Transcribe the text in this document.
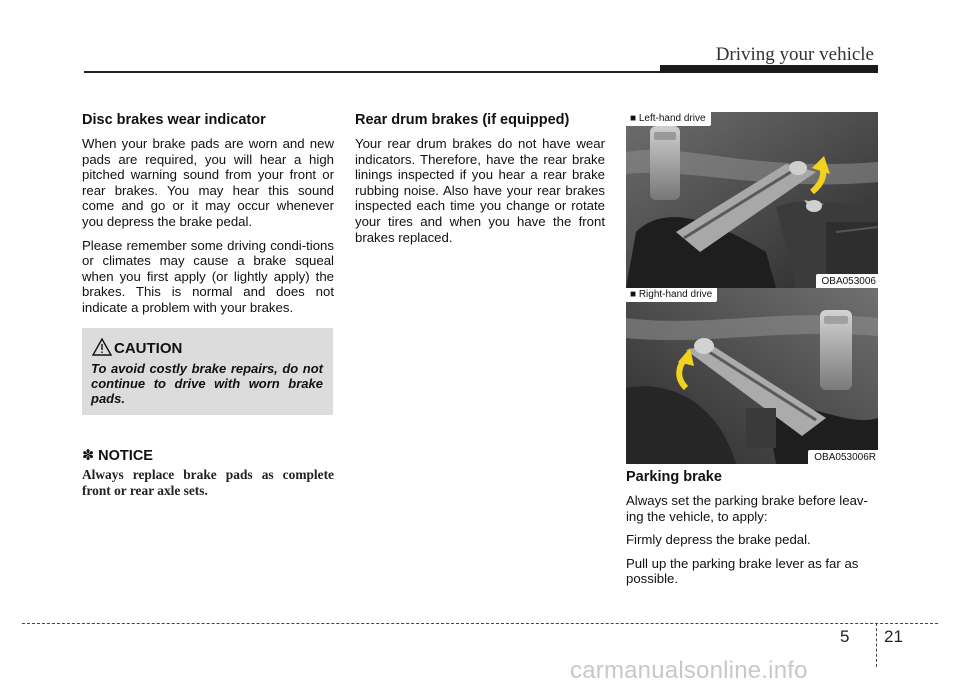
Driving your vehicle
Disc brakes wear indicator

When your brake pads are worn and new pads are required, you will hear a high pitched warning sound from your front or rear brakes. You may hear this sound come and go or it may occur whenever you depress the brake pedal.

Please remember some driving condi-tions or climates may cause a brake squeal when you first apply (or lightly apply) the brakes. This is normal and does not indicate a problem with your brakes.

CAUTION
To avoid costly brake repairs, do not continue to drive with worn brake pads.
✽ NOTICE
Always replace brake pads as complete front or rear axle sets.
Rear drum brakes (if equipped)

Your rear drum brakes do not have wear indicators. Therefore, have the rear brake linings inspected if you hear a rear brake rubbing noise. Also have your rear brakes inspected each time you change or rotate your tires and when you have the front brakes replaced.

■ Left-hand drive
OBA053006
■ Right-hand drive
OBA053006R
Parking brake

Always set the parking brake before leav-ing the vehicle, to apply:

Firmly depress the brake pedal.

Pull up the parking brake lever as far as possible.

5 21
carmanualsonline.info
